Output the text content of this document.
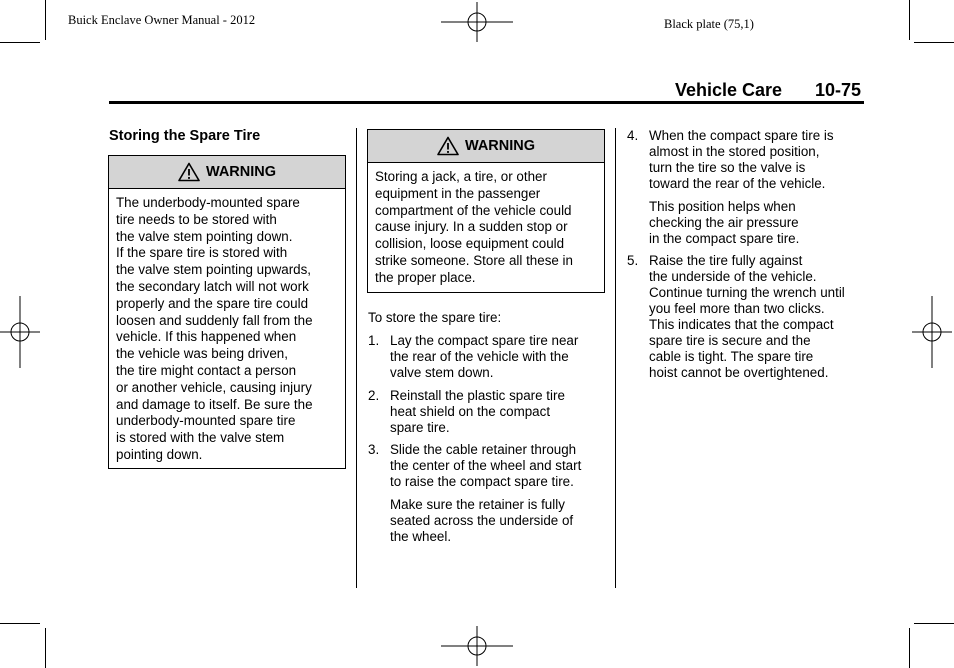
Buick Enclave Owner Manual - 2012	Black plate (75,1)
Vehicle Care 10-75
Storing the Spare Tire
WARNING
The underbody-mounted spare
tire needs to be stored with
the valve stem pointing down.
If the spare tire is stored with
the valve stem pointing upwards,
the secondary latch will not work
properly and the spare tire could
loosen and suddenly fall from the
vehicle. If this happened when
the vehicle was being driven,
the tire might contact a person
or another vehicle, causing injury
and damage to itself. Be sure the
underbody-mounted spare tire
is stored with the valve stem
pointing down.
WARNING
Storing a jack, a tire, or other
equipment in the passenger
compartment of the vehicle could
cause injury. In a sudden stop or
collision, loose equipment could
strike someone. Store all these in
the proper place.
To store the spare tire:
1. Lay the compact spare tire near
the rear of the vehicle with the
valve stem down.
2. Reinstall the plastic spare tire
heat shield on the compact
spare tire.
3. Slide the cable retainer through
the center of the wheel and start
to raise the compact spare tire.
Make sure the retainer is fully
seated across the underside of
the wheel.
4. When the compact spare tire is
almost in the stored position,
turn the tire so the valve is
toward the rear of the vehicle.
This position helps when
checking the air pressure
in the compact spare tire.
5. Raise the tire fully against
the underside of the vehicle.
Continue turning the wrench until
you feel more than two clicks.
This indicates that the compact
spare tire is secure and the
cable is tight. The spare tire
hoist cannot be overtightened.
